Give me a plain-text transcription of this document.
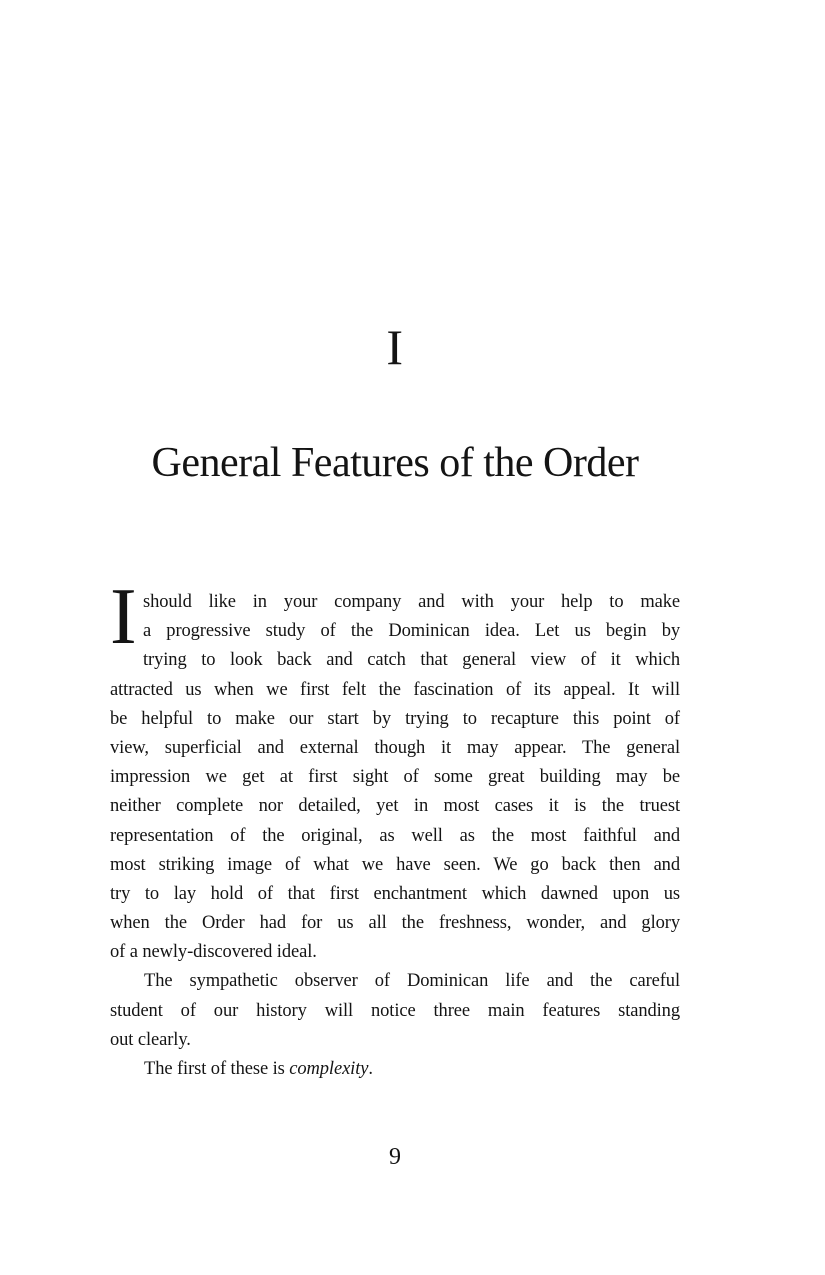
I
General Features of the Order
I should like in your company and with your help to make
a progressive study of the Dominican idea. Let us begin by
trying to look back and catch that general view of it which
attracted us when we first felt the fascination of its appeal. It will
be helpful to make our start by trying to recapture this point of
view, superficial and external though it may appear. The general
impression we get at first sight of some great building may be
neither complete nor detailed, yet in most cases it is the truest
representation of the original, as well as the most faithful and
most striking image of what we have seen. We go back then and
try to lay hold of that first enchantment which dawned upon us
when the Order had for us all the freshness, wonder, and glory
of a newly-discovered ideal.
The sympathetic observer of Dominican life and the careful
student of our history will notice three main features standing
out clearly.
The first of these is complexity.
9
